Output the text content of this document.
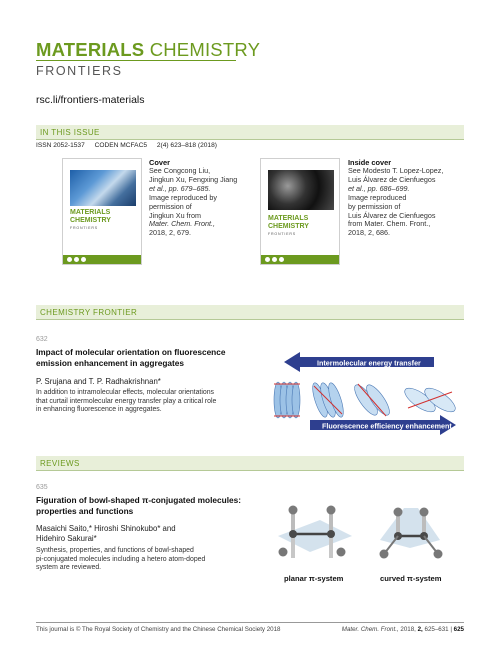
MATERIALS CHEMISTRY
FRONTIERS
rsc.li/frontiers-materials
IN THIS ISSUE
ISSN 2052-1537 CODEN MCFAC5 2(4) 623–818 (2018)
MATERIALS
CHEMISTRY
FRONTIERS
Cover
See Congcong Liu,
Jingkun Xu, Fengxing Jiang
et al., pp. 679–685.
Image reproduced by
permission of
Jingkun Xu from
Mater. Chem. Front.,
2018, 2, 679.
MATERIALS
CHEMISTRY
FRONTIERS
Inside cover
See Modesto T. Lopez-Lopez,
Luis Álvarez de Cienfuegos
et al., pp. 686–699.
Image reproduced
by permission of
Luis Álvarez de Cienfuegos
from Mater. Chem. Front.,
2018, 2, 686.
CHEMISTRY FRONTIER
632
Impact of molecular orientation on fluorescence
emission enhancement in aggregates
P. Srujana and T. P. Radhakrishnan*
In addition to intramolecular effects, molecular orientations
that curtail intermolecular energy transfer play a critical role
in enhancing fluorescence in aggregates.
Intermolecular energy transfer
Fluorescence efficiency enhancement
REVIEWS
635
Figuration of bowl-shaped π-conjugated molecules:
properties and functions
Masaichi Saito,* Hiroshi Shinokubo* and
Hidehiro Sakurai*
Synthesis, properties, and functions of bowl-shaped
pi-conjugated molecules including a hetero atom-doped
system are reviewed.
planar π-system	curved π-system
This journal is © The Royal Society of Chemistry and the Chinese Chemical Society 2018	Mater. Chem. Front., 2018, 2, 625–631 | 625
